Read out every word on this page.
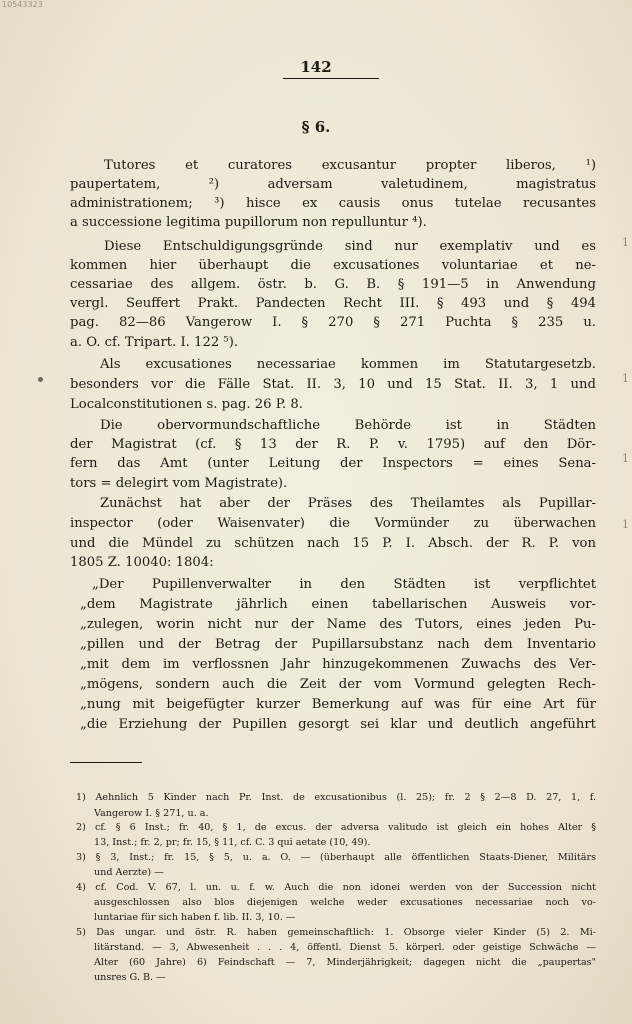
10543323
142
§ 6.
Tutores et curatores excusantur propter liberos, ¹)
paupertatem, ²) adversam valetudinem, magistratus
administrationem; ³) hisce ex causis onus tutelae recusantes
a successione legitima pupillorum non repulluntur ⁴).
Diese Entschuldigungsgründe sind nur exemplativ und es
kommen hier überhaupt die excusationes voluntariae et ne-
cessariae des allgem. östr. b. G. B. § 191—5 in Anwendung
vergl. Seuffert Prakt. Pandecten Recht III. § 493 und § 494
pag. 82—86 Vangerow I. § 270 § 271 Puchta § 235 u.
a. O. cf. Tripart. I. 122 ⁵).
Als excusationes necessariae kommen im Statutargesetzb.
besonders vor die Fälle Stat. II. 3, 10 und 15 Stat. II. 3, 1 und
Localconstitutionen s. pag. 26 P. 8.
Die obervormundschaftliche Behörde ist in Städten
der Magistrat (cf. § 13 der R. P. v. 1795) auf den Dör-
fern das Amt (unter Leitung der Inspectors = eines Sena-
tors = delegirt vom Magistrate).
Zunächst hat aber der Präses des Theilamtes als Pupillar-
inspector (oder Waisenvater) die Vormünder zu überwachen
und die Mündel zu schützen nach 15 P. I. Absch. der R. P. von
1805 Z. 10040: 1804:
„Der Pupillenverwalter in den Städten ist verpflichtet
„dem Magistrate jährlich einen tabellarischen Ausweis vor-
„zulegen, worin nicht nur der Name des Tutors, eines jeden Pu-
„pillen und der Betrag der Pupillarsubstanz nach dem Inventario
„mit dem im verflossnen Jahr hinzugekommenen Zuwachs des Ver-
„mögens, sondern auch die Zeit der vom Vormund gelegten Rech-
„nung mit beigefügter kurzer Bemerkung auf was für eine Art für
„die Erziehung der Pupillen gesorgt sei klar und deutlich angeführt
1) Aehnlich 5 Kinder nach Pr. Inst. de excusationibus (l. 25); fr. 2 § 2—8 D. 27, 1, f.
Vangerow I. § 271, u. a.
2) cf. § 6 Inst.; fr. 40, § 1, de excus. der adversa valitudo ist gleich ein hohes Alter §
13, Inst.; fr. 2, pr; fr. 15, § 11, cf. C. 3 qui aetate (10, 49).
3) § 3, Inst.; fr. 15, § 5, u. a. O. — (überhaupt alle öffentlichen Staats-Diener, Militärs
und Aerzte) —
4) cf. Cod. V. 67, l. un. u. f. w. Auch die non idonei werden von der Succession nicht
ausgeschlossen also blos diejenigen welche weder excusationes necessariae noch vo-
luntariae für sich haben f. lib. II. 3, 10. —
5) Das ungar. und östr. R. haben gemeinschaftlich: 1. Obsorge vieler Kinder (5) 2. Mi-
litärstand. — 3, Abwesenheit . . . 4, öffentl. Dienst 5. körperl. oder geistige Schwäche —
Alter (60 Jahre) 6) Feindschaft — 7, Minderjährigkeit; dagegen nicht die „paupertas"
unsres G. B. —
1
1
1
1
